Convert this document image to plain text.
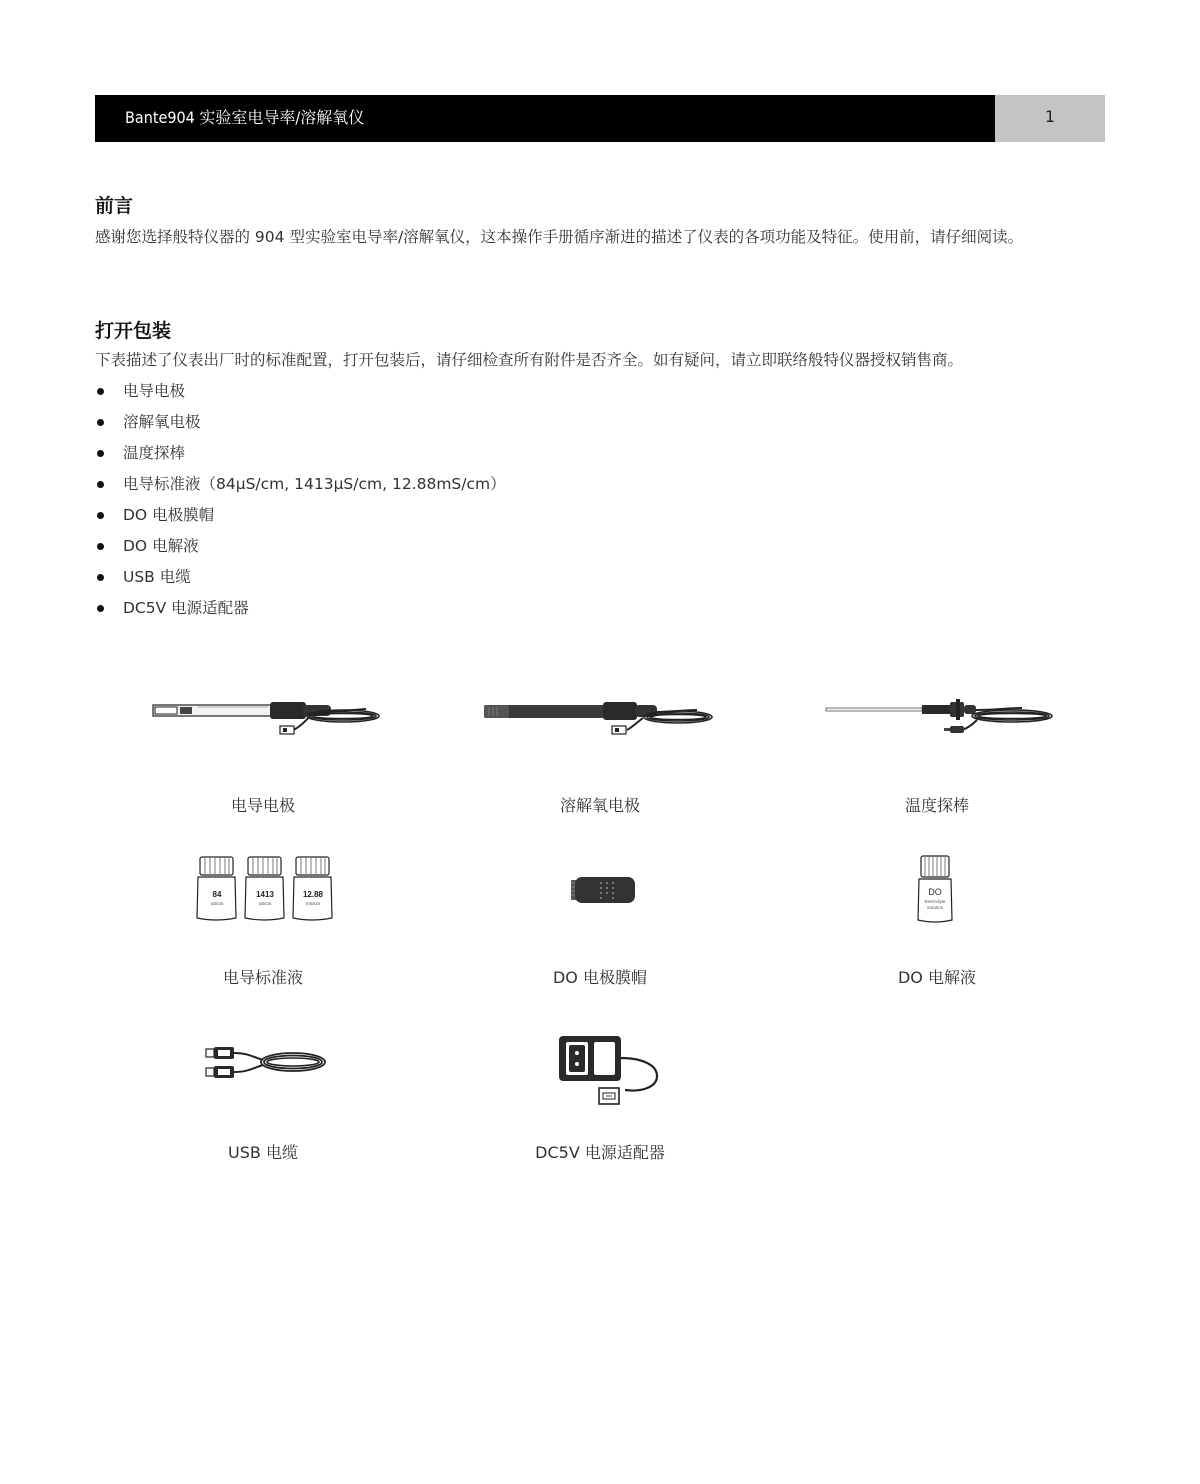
Bante904 实验室电导率/溶解氧仪	1
前言
感谢您选择般特仪器的 904 型实验室电导率/溶解氧仪，这本操作手册循序渐进的描述了仪表的各项功能及特征。使用前，请仔细阅读。
打开包装
下表描述了仪表出厂时的标准配置，打开包装后，请仔细检查所有附件是否齐全。如有疑问，请立即联络般特仪器授权销售商。
电导电极
溶解氧电极
温度探棒
电导标准液（84µS/cm, 1413µS/cm, 12.88mS/cm）
DO 电极膜帽
DO 电解液
USB 电缆
DC5V 电源适配器
电导电极	溶解氧电极	温度探棒
84
uS/cm
1413
uS/cm
12.88
mS/cm
电导标准液	DO 电极膜帽
DO
Electrolyte
Solution
DO 电解液
USB 电缆	DC5V 电源适配器
